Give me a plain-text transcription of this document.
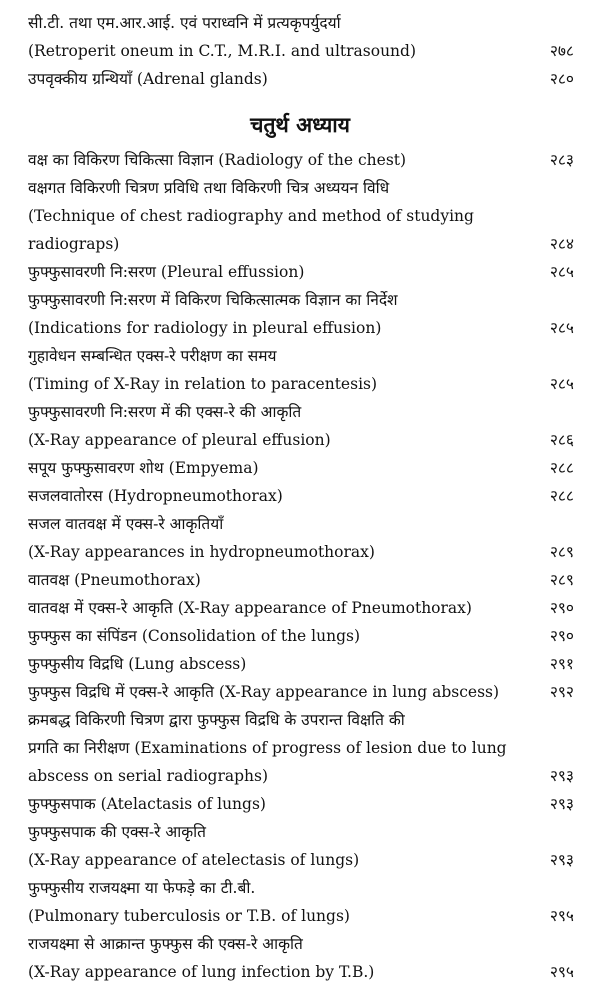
सी.टी. तथा एम.आर.आई. एवं पराध्वनि में प्रत्यकृपर्युदर्या
(Retroperit oneum in C.T., M.R.I. and ultrasound)	२७८
उपवृक्कीय ग्रन्थियाँ (Adrenal glands)	२८०
चतुर्थ अध्याय
वक्ष का विकिरण चिकित्सा विज्ञान (Radiology of the chest)	२८३
वक्षगत विकिरणी चित्रण प्रविधि तथा विकिरणी चित्र अध्ययन विधि
(Technique of chest radiography and method of studying
radiograps)	२८४
फुफ्फुसावरणी नि:सरण (Pleural effussion)	२८५
फुफ्फुसावरणी नि:सरण में विकिरण चिकित्सात्मक विज्ञान का निर्देश
(Indications for radiology in pleural effusion)	२८५
गुहावेधन सम्बन्धित एक्स-रे परीक्षण का समय
(Timing of X-Ray in relation to paracentesis)	२८५
फुफ्फुसावरणी नि:सरण में की एक्स-रे की आकृति
(X-Ray appearance of pleural effusion)	२८६
सपूय फुफ्फुसावरण शोथ (Empyema)	२८८
सजलवातोरस (Hydropneumothorax)	२८८
सजल वातवक्ष में एक्स-रे आकृतियाँ
(X-Ray appearances in hydropneumothorax)	२८९
वातवक्ष (Pneumothorax)	२८९
वातवक्ष में एक्स-रे आकृति (X-Ray appearance of Pneumothorax)	२९०
फुफ्फुस का संपिंडन (Consolidation of the lungs)	२९०
फुफ्फुसीय विद्रधि (Lung abscess)	२९१
फुफ्फुस विद्रधि में एक्स-रे आकृति (X-Ray appearance in lung abscess)	२९२
क्रमबद्ध विकिरणी चित्रण द्वारा फुफ्फुस विद्रधि के उपरान्त विक्षति की
प्रगति का निरीक्षण (Examinations of progress of lesion due to lung
abscess on serial radiographs)	२९३
फुफ्फुसपाक (Atelactasis of lungs)	२९३
फुफ्फुसपाक की एक्स-रे आकृति
(X-Ray appearance of atelectasis of lungs)	२९३
फुफ्फुसीय राजयक्ष्मा या फेफड़े का टी.बी.
(Pulmonary tuberculosis or T.B. of lungs)	२९५
राजयक्ष्मा से आक्रान्त फुफ्फुस की एक्स-रे आकृति
(X-Ray appearance of lung infection by T.B.)	२९५
